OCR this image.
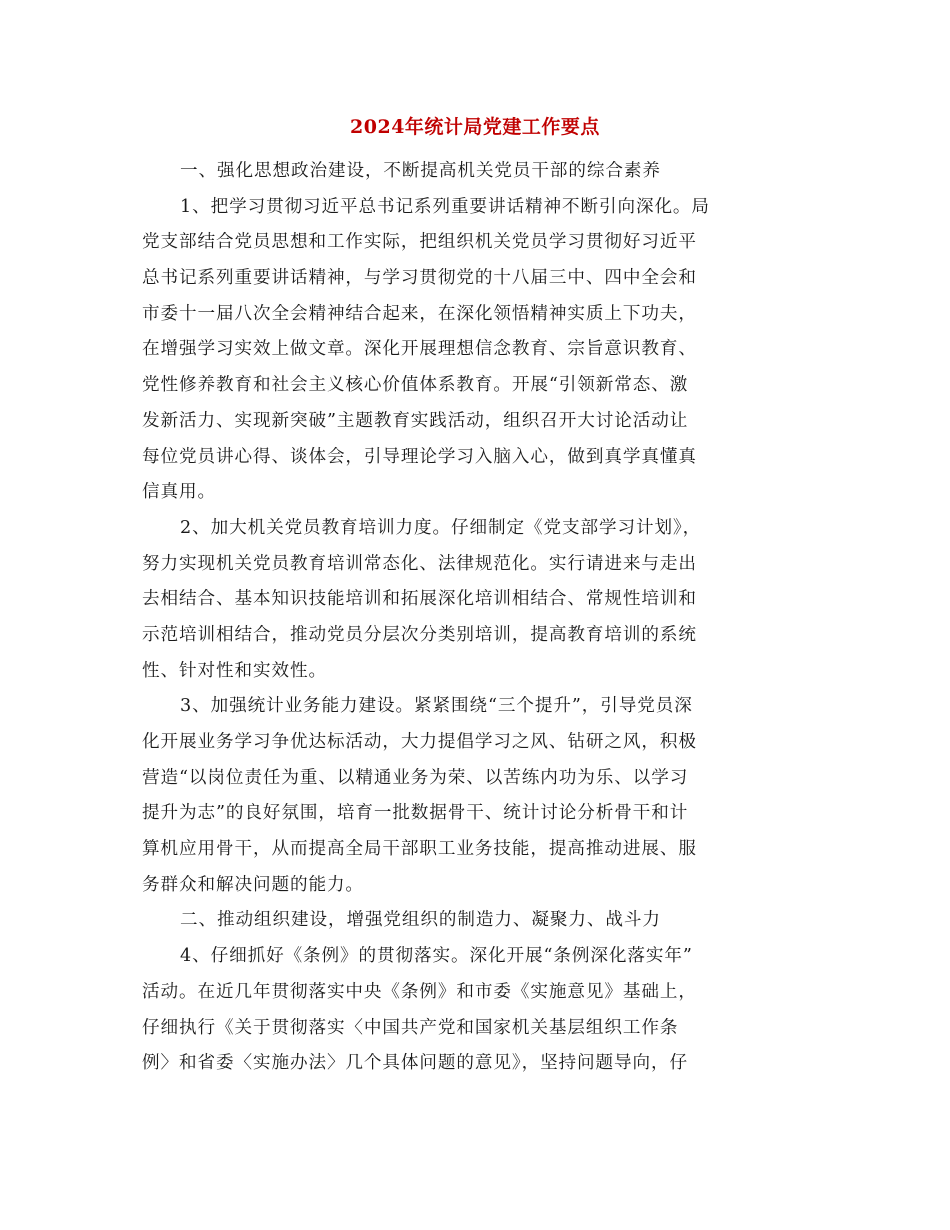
2024年统计局党建工作要点
一、强化思想政治建设，不断提高机关党员干部的综合素养
1、把学习贯彻习近平总书记系列重要讲话精神不断引向深化。局
党支部结合党员思想和工作实际，把组织机关党员学习贯彻好习近平
总书记系列重要讲话精神，与学习贯彻党的十八届三中、四中全会和
市委十一届八次全会精神结合起来，在深化领悟精神实质上下功夫，
在增强学习实效上做文章。深化开展理想信念教育、宗旨意识教育、
党性修养教育和社会主义核心价值体系教育。开展“引领新常态、激
发新活力、实现新突破”主题教育实践活动，组织召开大讨论活动让
每位党员讲心得、谈体会，引导理论学习入脑入心，做到真学真懂真
信真用。
2、加大机关党员教育培训力度。仔细制定《党支部学习计划》，
努力实现机关党员教育培训常态化、法律规范化。实行请进来与走出
去相结合、基本知识技能培训和拓展深化培训相结合、常规性培训和
示范培训相结合，推动党员分层次分类别培训，提高教育培训的系统
性、针对性和实效性。
3、加强统计业务能力建设。紧紧围绕“三个提升”，引导党员深
化开展业务学习争优达标活动，大力提倡学习之风、钻研之风，积极
营造“以岗位责任为重、以精通业务为荣、以苦练内功为乐、以学习
提升为志”的良好氛围，培育一批数据骨干、统计讨论分析骨干和计
算机应用骨干，从而提高全局干部职工业务技能，提高推动进展、服
务群众和解决问题的能力。
二、推动组织建设，增强党组织的制造力、凝聚力、战斗力
4、仔细抓好《条例》的贯彻落实。深化开展“条例深化落实年”
活动。在近几年贯彻落实中央《条例》和市委《实施意见》基础上，
仔细执行《关于贯彻落实〈中国共产党和国家机关基层组织工作条
例〉和省委〈实施办法〉几个具体问题的意见》，坚持问题导向，仔
